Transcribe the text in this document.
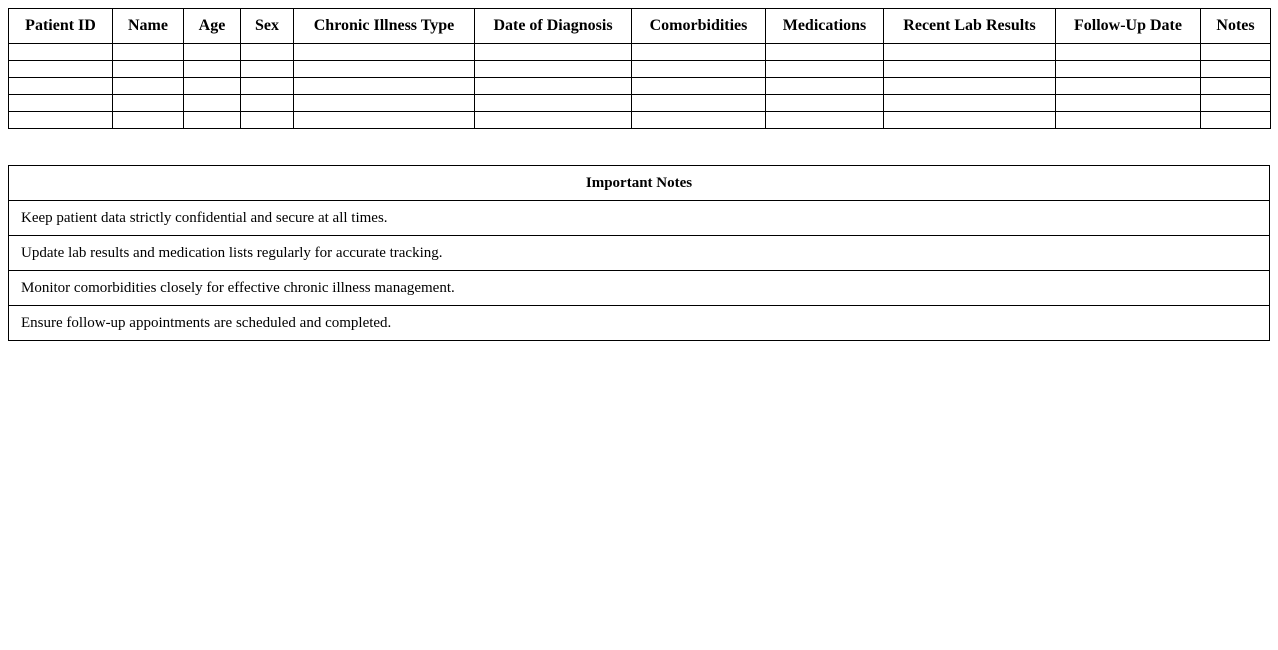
Patient ID	Name	Age	Sex	Chronic Illness Type	Date of Diagnosis	Comorbidities	Medications	Recent Lab Results	Follow-Up Date	Notes

Important Notes
Keep patient data strictly confidential and secure at all times.
Update lab results and medication lists regularly for accurate tracking.
Monitor comorbidities closely for effective chronic illness management.
Ensure follow-up appointments are scheduled and completed.
